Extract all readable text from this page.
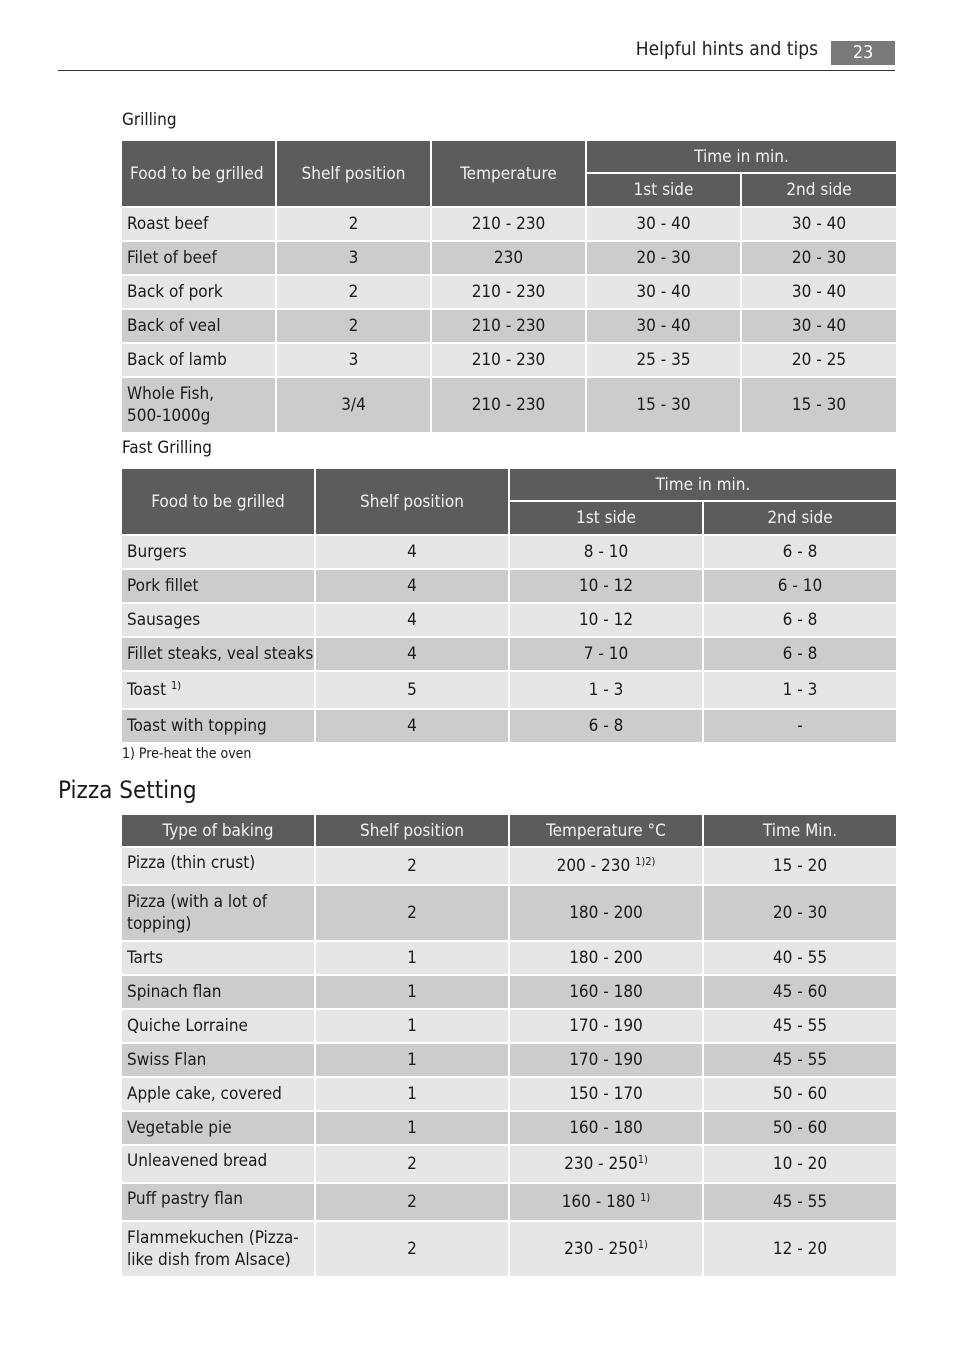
Helpful hints and tips	23
Grilling
Food to be grilled	Shelf position	Temperature	Time in min.	
			1st side	2nd side
Roast beef	2	210 - 230	30 - 40	30 - 40
Filet of beef	3	230	20 - 30	20 - 30
Back of pork	2	210 - 230	30 - 40	30 - 40
Back of veal	2	210 - 230	30 - 40	30 - 40
Back of lamb	3	210 - 230	25 - 35	20 - 25
Whole Fish,
500-1000g	3/4	210 - 230	15 - 30	15 - 30
Fast Grilling
Food to be grilled	Shelf position	Time in min.	
		1st side	2nd side
Burgers	4	8 - 10	6 - 8
Pork fillet	4	10 - 12	6 - 10
Sausages	4	10 - 12	6 - 8
Fillet steaks, veal steaks	4	7 - 10	6 - 8
Toast $^{1)}$	5	1 - 3	1 - 3
Toast with topping	4	6 - 8	-
1) Pre-heat the oven
Pizza Setting
Type of baking	Shelf position	Temperature °C	Time Min.
Pizza (thin crust)	2	200 - 230 $^{1)2)}$	15 - 20
Pizza (with a lot of
topping)	2	180 - 200	20 - 30
Tarts	1	180 - 200	40 - 55
Spinach flan	1	160 - 180	45 - 60
Quiche Lorraine	1	170 - 190	45 - 55
Swiss Flan	1	170 - 190	45 - 55
Apple cake, covered	1	150 - 170	50 - 60
Vegetable pie	1	160 - 180	50 - 60
Unleavened bread	2	230 - 250$^{1)}$	10 - 20
Puff pastry flan	2	160 - 180 $^{1)}$	45 - 55
Flammekuchen (Pizza-
like dish from Alsace)	2	230 - 250$^{1)}$	12 - 20
